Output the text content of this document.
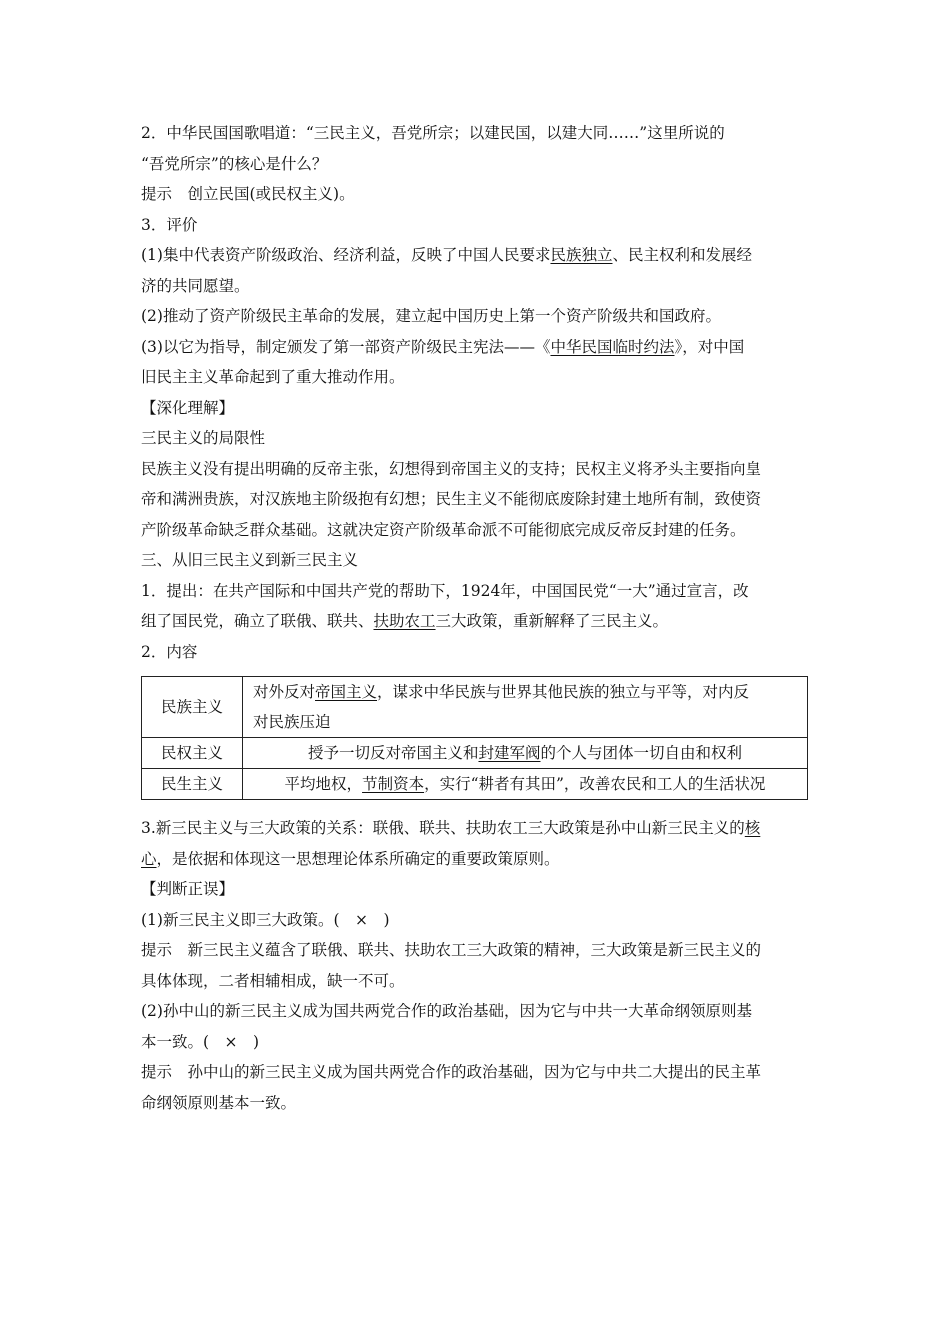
2．中华民国国歌唱道：“三民主义，吾党所宗；以建民国，以建大同……”这里所说的
“吾党所宗”的核心是什么？

提示　创立民国(或民权主义)。

3．评价

(1)集中代表资产阶级政治、经济利益，反映了中国人民要求民族独立、民主权利和发展经
济的共同愿望。

(2)推动了资产阶级民主革命的发展，建立起中国历史上第一个资产阶级共和国政府。

(3)以它为指导，制定颁发了第一部资产阶级民主宪法——《中华民国临时约法》，对中国
旧民主主义革命起到了重大推动作用。

【深化理解】

三民主义的局限性

民族主义没有提出明确的反帝主张，幻想得到帝国主义的支持；民权主义将矛头主要指向皇
帝和满洲贵族，对汉族地主阶级抱有幻想；民生主义不能彻底废除封建土地所有制，致使资
产阶级革命缺乏群众基础。这就决定资产阶级革命派不可能彻底完成反帝反封建的任务。

三、从旧三民主义到新三民主义

1．提出：在共产国际和中国共产党的帮助下，1924年，中国国民党“一大”通过宣言，改
组了国民党，确立了联俄、联共、扶助农工三大政策，重新解释了三民主义。

2．内容

民族主义	对外反对帝国主义，谋求中华民族与世界其他民族的独立与平等，对内反
对民族压迫
民权主义	授予一切反对帝国主义和封建军阀的个人与团体一切自由和权利
民生主义	平均地权，节制资本，实行“耕者有其田”，改善农民和工人的生活状况

3.新三民主义与三大政策的关系：联俄、联共、扶助农工三大政策是孙中山新三民主义的核
心，是依据和体现这一思想理论体系所确定的重要政策原则。

【判断正误】

(1)新三民主义即三大政策。(　×　)

提示　新三民主义蕴含了联俄、联共、扶助农工三大政策的精神，三大政策是新三民主义的
具体体现，二者相辅相成，缺一不可。

(2)孙中山的新三民主义成为国共两党合作的政治基础，因为它与中共一大革命纲领原则基
本一致。(　×　)

提示　孙中山的新三民主义成为国共两党合作的政治基础，因为它与中共二大提出的民主革
命纲领原则基本一致。
